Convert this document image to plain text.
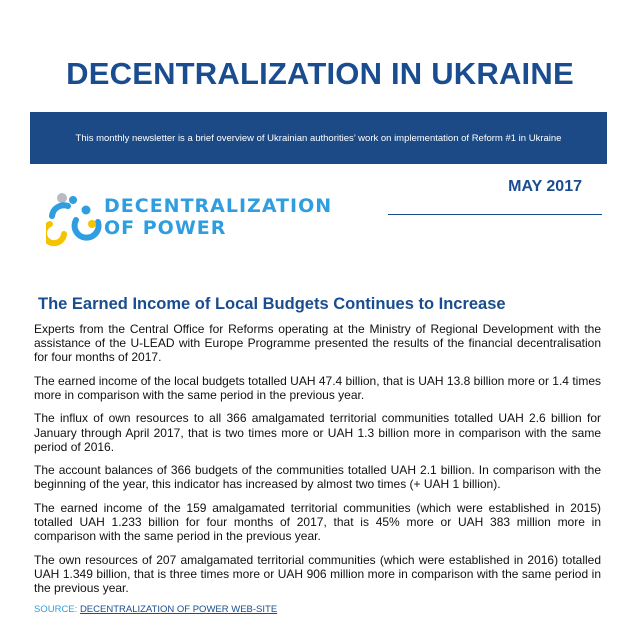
DECENTRALIZATION IN UKRAINE
This monthly newsletter is a brief overview of Ukrainian authorities’ work on implementation of Reform #1 in Ukraine
MAY 2017
DECENTRALIZATION
OF POWER
The Earned Income of Local Budgets Continues to Increase

Experts from the Central Office for Reforms operating at the Ministry of Regional Development with the assistance of the U-LEAD with Europe Programme presented the results of the financial decentralisation for four months of 2017.

The earned income of the local budgets totalled UAH 47.4 billion, that is UAH 13.8 billion more or 1.4 times more in comparison with the same period in the previous year.

The influx of own resources to all 366 amalgamated territorial communities totalled UAH 2.6 billion for January through April 2017, that is two times more or UAH 1.3 billion more in comparison with the same period of 2016.

The account balances of 366 budgets of the communities totalled UAH 2.1 billion. In comparison with the beginning of the year, this indicator has increased by almost two times (+ UAH 1 billion).

The earned income of the 159 amalgamated territorial communities (which were established in 2015) totalled UAH 1.233 billion for four months of 2017, that is 45% more or UAH 383 million more in comparison with the same period in the previous year.

The own resources of 207 amalgamated territorial communities (which were established in 2016) totalled UAH 1.349 billion, that is three times more or UAH 906 million more in comparison with the same period in the previous year.

SOURCE: DECENTRALIZATION OF POWER WEB-SITE
